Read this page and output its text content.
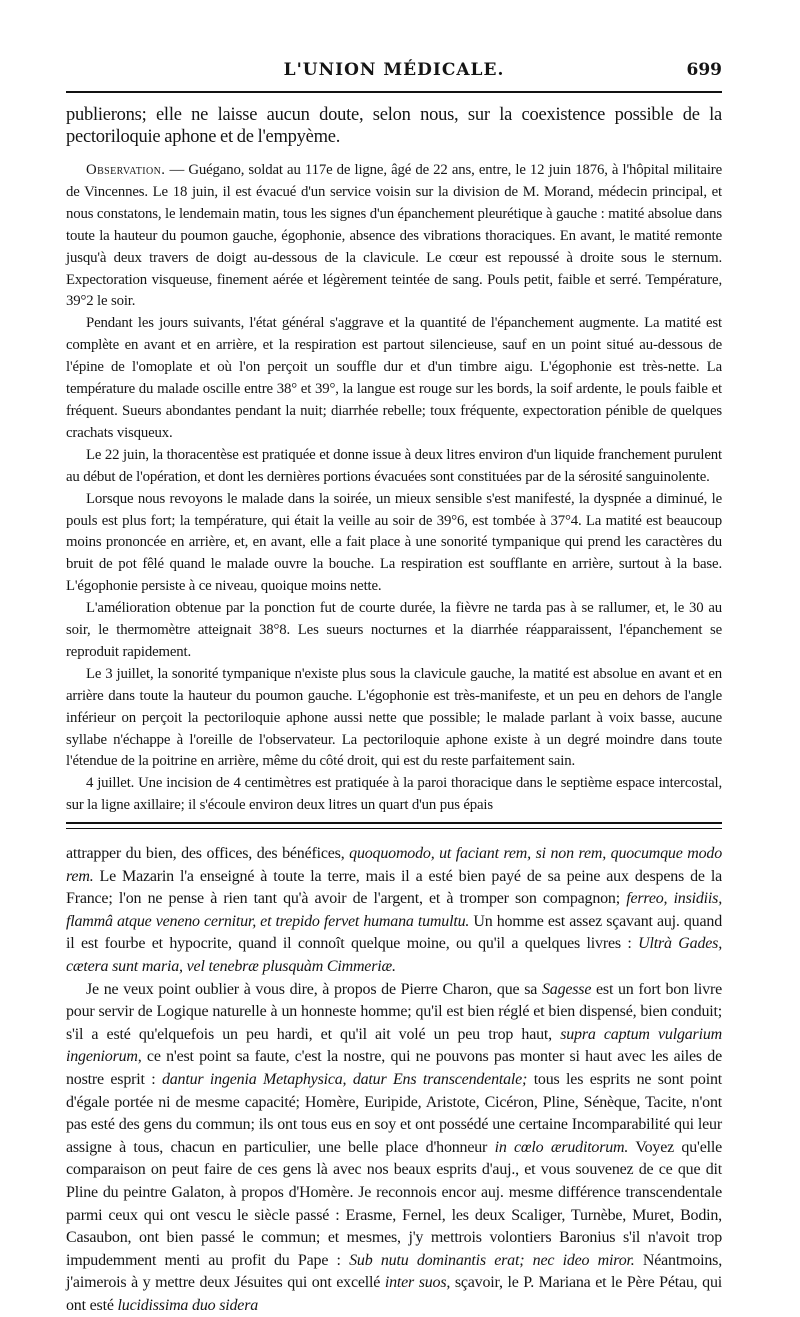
L'UNION MÉDICALE.	699

publierons; elle ne laisse aucun doute, selon nous, sur la coexistence possible de la pectoriloquie aphone et de l'empyème.

Observation. — Guégano, soldat au 117e de ligne, âgé de 22 ans, entre, le 12 juin 1876, à l'hôpital militaire de Vincennes. Le 18 juin, il est évacué d'un service voisin sur la division de M. Morand, médecin principal, et nous constatons, le lendemain matin, tous les signes d'un épanchement pleurétique à gauche : matité absolue dans toute la hauteur du poumon gauche, égophonie, absence des vibrations thoraciques. En avant, le matité remonte jusqu'à deux travers de doigt au-dessous de la clavicule. Le cœur est repoussé à droite sous le sternum. Expectoration visqueuse, finement aérée et légèrement teintée de sang. Pouls petit, faible et serré. Température, 39°2 le soir.

Pendant les jours suivants, l'état général s'aggrave et la quantité de l'épanchement augmente. La matité est complète en avant et en arrière, et la respiration est partout silencieuse, sauf en un point situé au-dessous de l'épine de l'omoplate et où l'on perçoit un souffle dur et d'un timbre aigu. L'égophonie est très-nette. La température du malade oscille entre 38° et 39°, la langue est rouge sur les bords, la soif ardente, le pouls faible et fréquent. Sueurs abondantes pendant la nuit; diarrhée rebelle; toux fréquente, expectoration pénible de quelques crachats visqueux.

Le 22 juin, la thoracentèse est pratiquée et donne issue à deux litres environ d'un liquide franchement purulent au début de l'opération, et dont les dernières portions évacuées sont constituées par de la sérosité sanguinolente.

Lorsque nous revoyons le malade dans la soirée, un mieux sensible s'est manifesté, la dyspnée a diminué, le pouls est plus fort; la température, qui était la veille au soir de 39°6, est tombée à 37°4. La matité est beaucoup moins prononcée en arrière, et, en avant, elle a fait place à une sonorité tympanique qui prend les caractères du bruit de pot fêlé quand le malade ouvre la bouche. La respiration est soufflante en arrière, surtout à la base. L'égophonie persiste à ce niveau, quoique moins nette.

L'amélioration obtenue par la ponction fut de courte durée, la fièvre ne tarda pas à se rallumer, et, le 30 au soir, le thermomètre atteignait 38°8. Les sueurs nocturnes et la diarrhée réapparaissent, l'épanchement se reproduit rapidement.

Le 3 juillet, la sonorité tympanique n'existe plus sous la clavicule gauche, la matité est absolue en avant et en arrière dans toute la hauteur du poumon gauche. L'égophonie est très-manifeste, et un peu en dehors de l'angle inférieur on perçoit la pectoriloquie aphone aussi nette que possible; le malade parlant à voix basse, aucune syllabe n'échappe à l'oreille de l'observateur. La pectoriloquie aphone existe à un degré moindre dans toute l'étendue de la poitrine en arrière, même du côté droit, qui est du reste parfaitement sain.

4 juillet. Une incision de 4 centimètres est pratiquée à la paroi thoracique dans le septième espace intercostal, sur la ligne axillaire; il s'écoule environ deux litres un quart d'un pus épais

attrapper du bien, des offices, des bénéfices, quoquomodo, ut faciant rem, si non rem, quocumque modo rem. Le Mazarin l'a enseigné à toute la terre, mais il a esté bien payé de sa peine aux despens de la France; l'on ne pense à rien tant qu'à avoir de l'argent, et à tromper son compagnon; ferreo, insidiis, flammâ atque veneno cernitur, et trepido fervet humana tumultu. Un homme est assez sçavant auj. quand il est fourbe et hypocrite, quand il connoît quelque moine, ou qu'il a quelques livres : Ultrà Gades, cætera sunt maria, vel tenebræ plusquàm Cimmeriæ.

Je ne veux point oublier à vous dire, à propos de Pierre Charon, que sa Sagesse est un fort bon livre pour servir de Logique naturelle à un honneste homme; qu'il est bien réglé et bien dispensé, bien conduit; s'il a esté qu'elquefois un peu hardi, et qu'il ait volé un peu trop haut, supra captum vulgarium ingeniorum, ce n'est point sa faute, c'est la nostre, qui ne pouvons pas monter si haut avec les ailes de nostre esprit : dantur ingenia Metaphysica, datur Ens transcendentale; tous les esprits ne sont point d'égale portée ni de mesme capacité; Homère, Euripide, Aristote, Cicéron, Pline, Sénèque, Tacite, n'ont pas esté des gens du commun; ils ont tous eus en soy et ont possédé une certaine Incomparabilité qui leur assigne à tous, chacun en particulier, une belle place d'honneur in cœlo æruditorum. Voyez qu'elle comparaison on peut faire de ces gens là avec nos beaux esprits d'auj., et vous souvenez de ce que dit Pline du peintre Galaton, à propos d'Homère. Je reconnois encor auj. mesme différence transcendentale parmi ceux qui ont vescu le siècle passé : Erasme, Fernel, les deux Scaliger, Turnèbe, Muret, Bodin, Casaubon, ont bien passé le commun; et mesmes, j'y mettrois volontiers Baronius s'il n'avoit trop impudemment menti au profit du Pape : Sub nutu dominantis erat; nec ideo miror. Néantmoins, j'aimerois à y mettre deux Jésuites qui ont excellé inter suos, sçavoir, le P. Mariana et le Père Pétau, qui ont esté lucidissima duo sidera
